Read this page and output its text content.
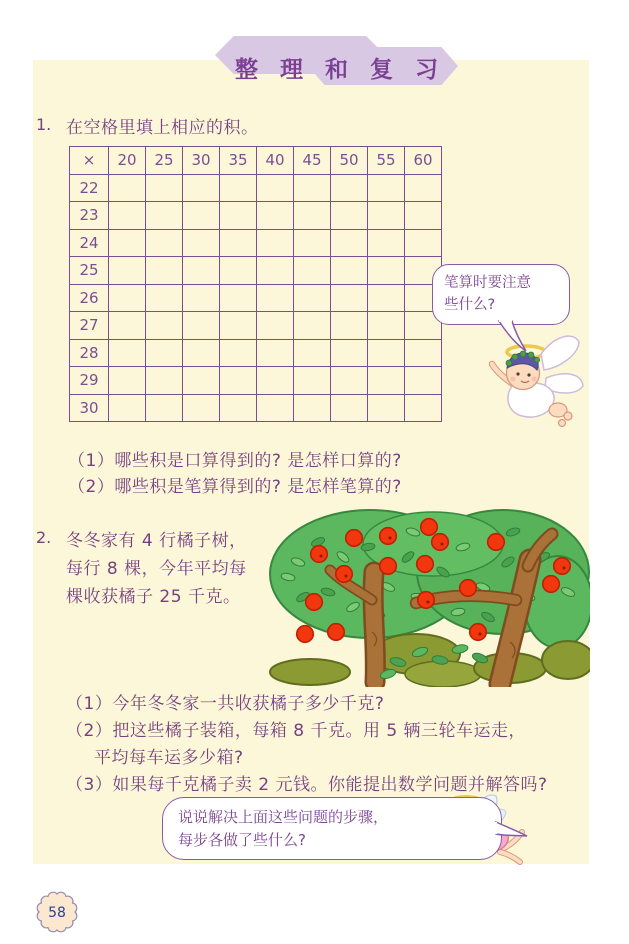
整 理 和 复 习
1. 在空格里填上相应的积。
×	20	25	30	35	40	45	50	55	60
22									
23									
24									
25									
26									
27									
28									
29									
30									
笔算时要注意
些什么?
（1）哪些积是口算得到的? 是怎样口算的?
（2）哪些积是笔算得到的? 是怎样笔算的?
2. 冬冬家有 4 行橘子树，
每行 8 棵，今年平均每
棵收获橘子 25 千克。
（1）今年冬冬家一共收获橘子多少千克?
（2）把这些橘子装箱，每箱 8 千克。用 5 辆三轮车运走，
平均每车运多少箱?
（3）如果每千克橘子卖 2 元钱。你能提出数学问题并解答吗?
说说解决上面这些问题的步骤，
每步各做了些什么?
58
